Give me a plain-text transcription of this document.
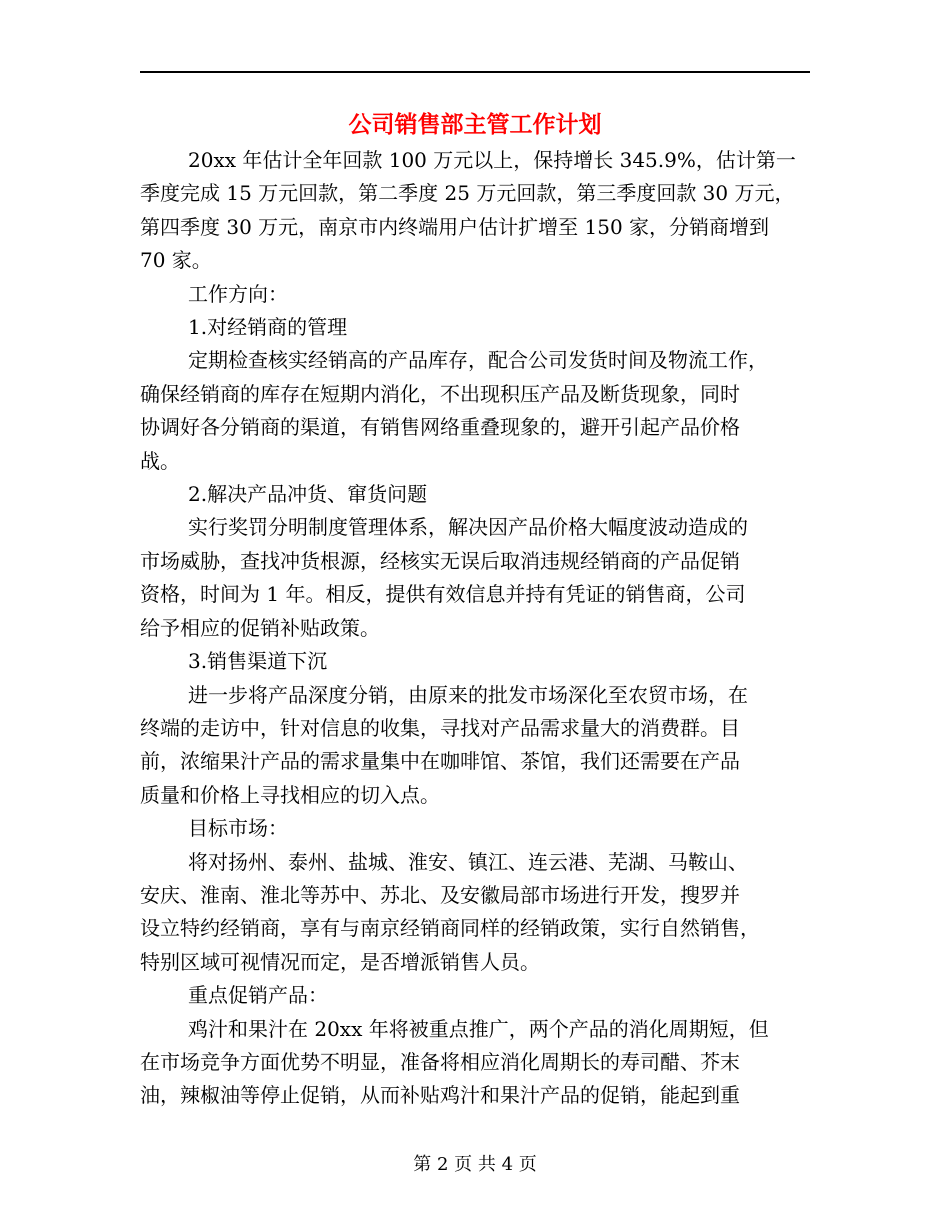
公司销售部主管工作计划
20xx 年估计全年回款 100 万元以上，保持增长 345.9%，估计第一
季度完成 15 万元回款，第二季度 25 万元回款，第三季度回款 30 万元，
第四季度 30 万元，南京市内终端用户估计扩增至 150 家，分销商增到
70 家。
工作方向：
1.对经销商的管理
定期检查核实经销高的产品库存，配合公司发货时间及物流工作，
确保经销商的库存在短期内消化，不出现积压产品及断货现象，同时
协调好各分销商的渠道，有销售网络重叠现象的，避开引起产品价格
战。
2.解决产品冲货、窜货问题
实行奖罚分明制度管理体系，解决因产品价格大幅度波动造成的
市场威胁，查找冲货根源，经核实无误后取消违规经销商的产品促销
资格，时间为 1 年。相反，提供有效信息并持有凭证的销售商，公司
给予相应的促销补贴政策。
3.销售渠道下沉
进一步将产品深度分销，由原来的批发市场深化至农贸市场，在
终端的走访中，针对信息的收集，寻找对产品需求量大的消费群。目
前，浓缩果汁产品的需求量集中在咖啡馆、茶馆，我们还需要在产品
质量和价格上寻找相应的切入点。
目标市场：
将对扬州、泰州、盐城、淮安、镇江、连云港、芜湖、马鞍山、
安庆、淮南、淮北等苏中、苏北、及安徽局部市场进行开发，搜罗并
设立特约经销商，享有与南京经销商同样的经销政策，实行自然销售，
特别区域可视情况而定，是否增派销售人员。
重点促销产品：
鸡汁和果汁在 20xx 年将被重点推广，两个产品的消化周期短，但
在市场竞争方面优势不明显，准备将相应消化周期长的寿司醋、芥末
油，辣椒油等停止促销，从而补贴鸡汁和果汁产品的促销，能起到重
第 2 页 共 4 页
